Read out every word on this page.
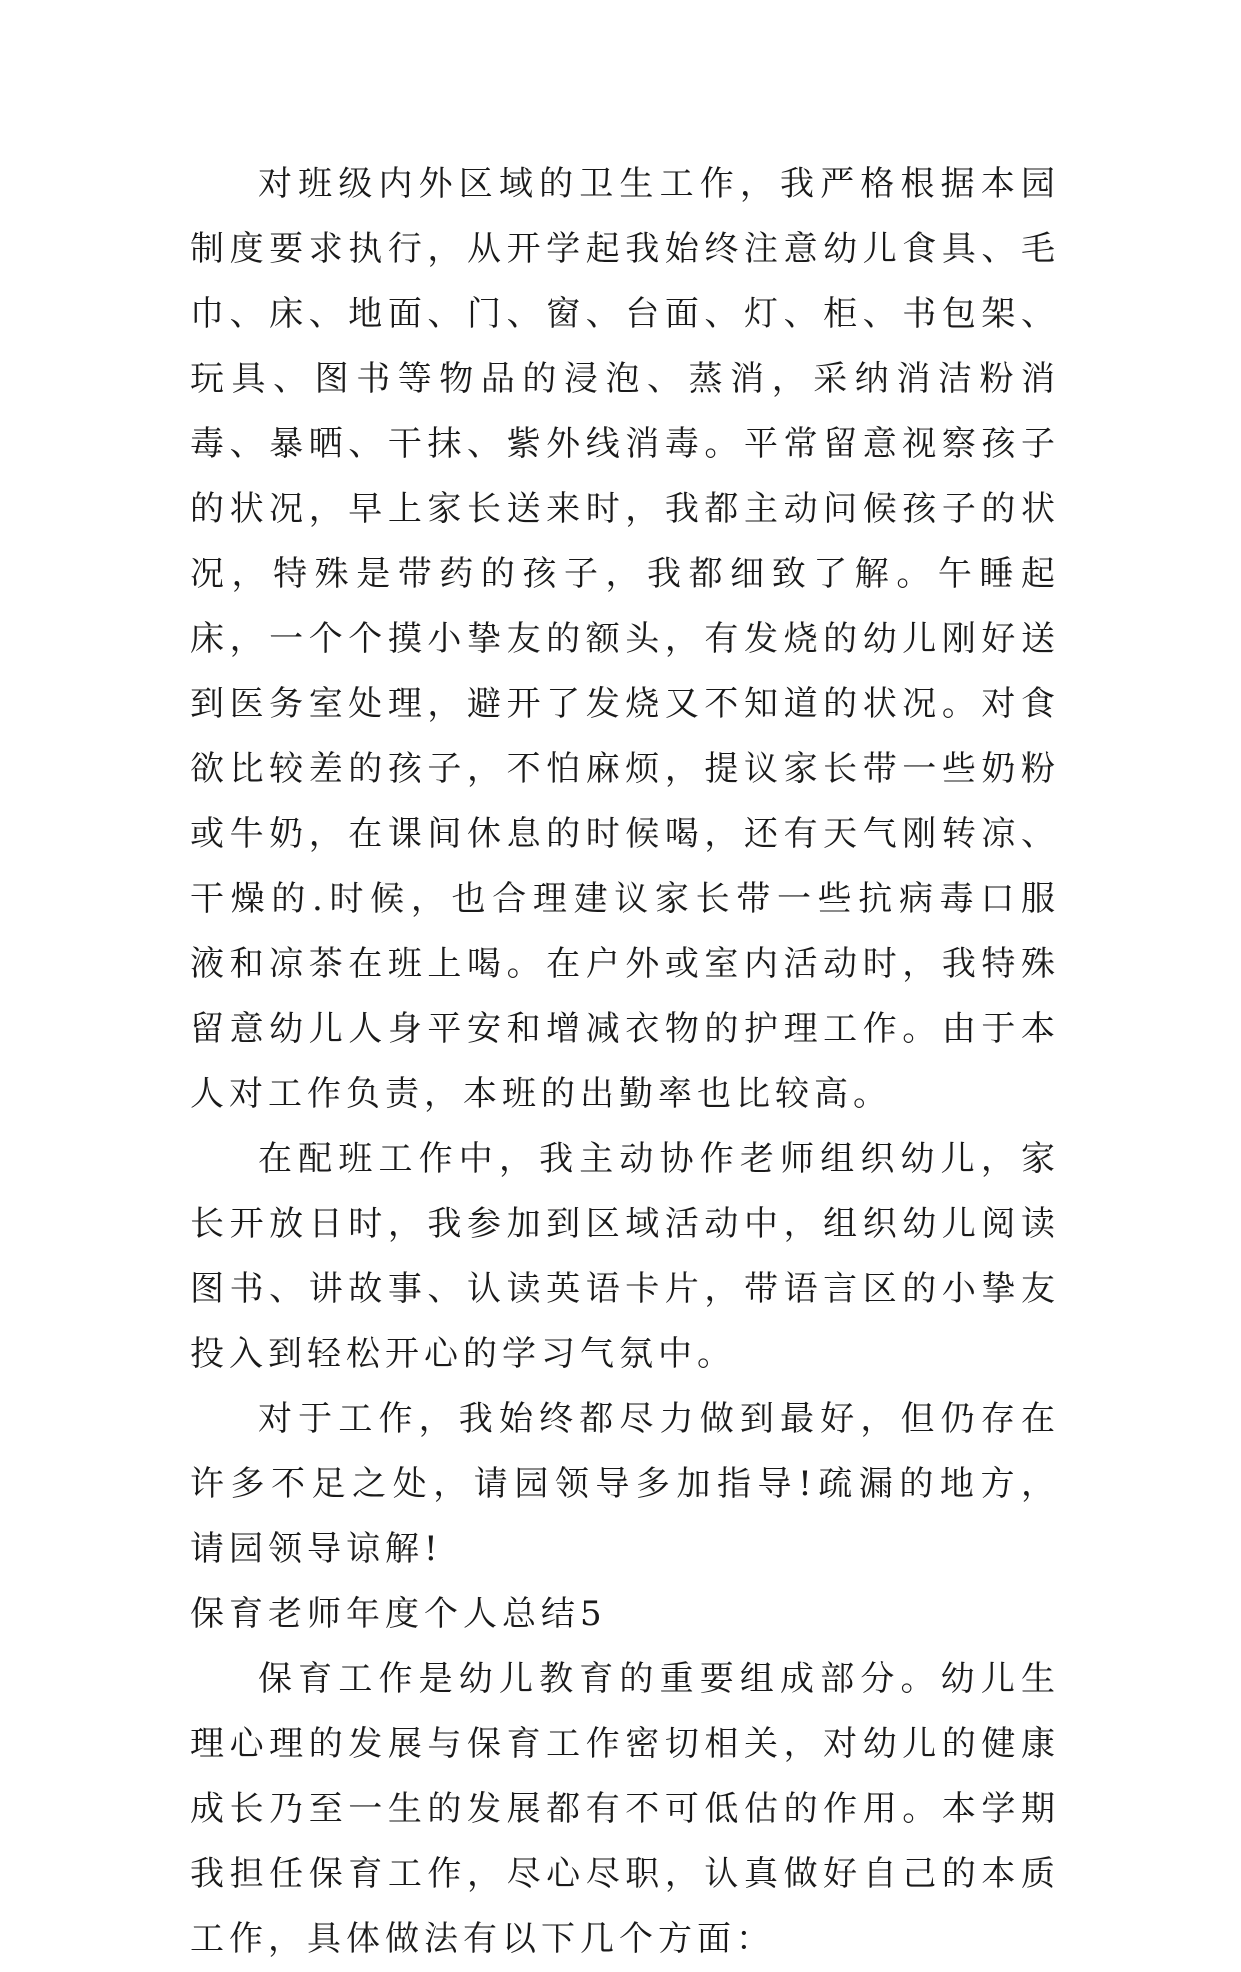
对班级内外区域的卫生工作，我严格根据本园制度要求执行，从开学起我始终注意幼儿食具、毛巾、床、地面、门、窗、台面、灯、柜、书包架、玩具、图书等物品的浸泡、蒸消，采纳消洁粉消毒、暴晒、干抹、紫外线消毒。平常留意视察孩子的状况，早上家长送来时，我都主动问候孩子的状况，特殊是带药的孩子，我都细致了解。午睡起床，一个个摸小挚友的额头，有发烧的幼儿刚好送到医务室处理，避开了发烧又不知道的状况。对食欲比较差的孩子，不怕麻烦，提议家长带一些奶粉或牛奶，在课间休息的时候喝，还有天气刚转凉、干燥的.时候，也合理建议家长带一些抗病毒口服液和凉茶在班上喝。在户外或室内活动时，我特殊留意幼儿人身平安和增减衣物的护理工作。由于本人对工作负责，本班的出勤率也比较高。

在配班工作中，我主动协作老师组织幼儿，家长开放日时，我参加到区域活动中，组织幼儿阅读图书、讲故事、认读英语卡片，带语言区的小挚友投入到轻松开心的学习气氛中。

对于工作，我始终都尽力做到最好，但仍存在许多不足之处，请园领导多加指导!疏漏的地方，请园领导谅解!

保育老师年度个人总结5

保育工作是幼儿教育的重要组成部分。幼儿生理心理的发展与保育工作密切相关，对幼儿的健康成长乃至一生的发展都有不可低估的作用。本学期我担任保育工作，尽心尽职，认真做好自己的本质工作，具体做法有以下几个方面：
